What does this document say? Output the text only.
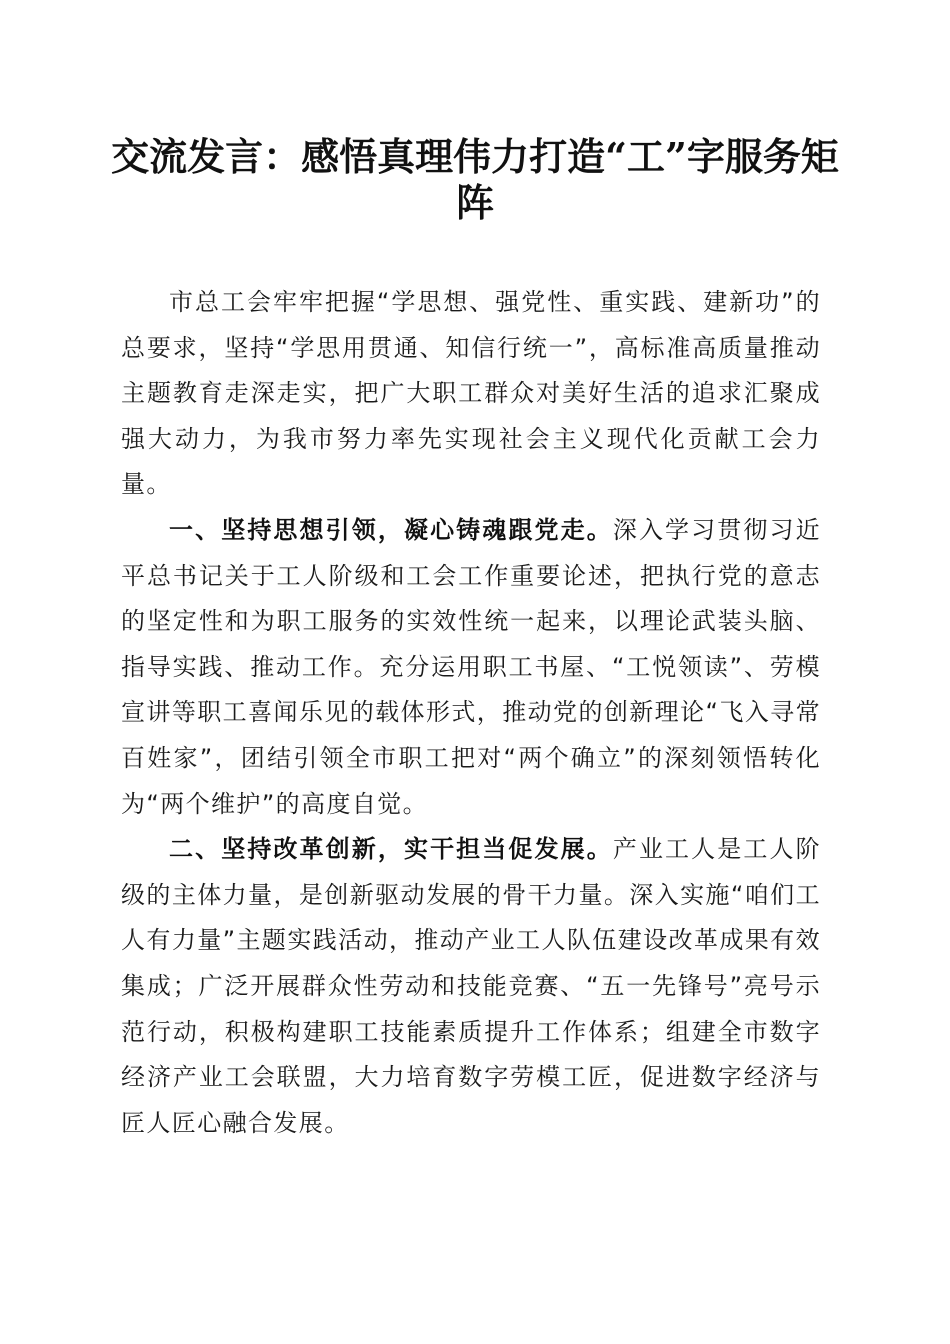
交流发言：感悟真理伟力打造“工”字服务矩阵

市总工会牢牢把握“学思想、强党性、重实践、建新功”的总要求，坚持“学思用贯通、知信行统一”，高标准高质量推动主题教育走深走实，把广大职工群众对美好生活的追求汇聚成强大动力，为我市努力率先实现社会主义现代化贡献工会力量。

一、坚持思想引领，凝心铸魂跟党走。深入学习贯彻习近平总书记关于工人阶级和工会工作重要论述，把执行党的意志的坚定性和为职工服务的实效性统一起来，以理论武装头脑、指导实践、推动工作。充分运用职工书屋、“工悦领读”、劳模宣讲等职工喜闻乐见的载体形式，推动党的创新理论“飞入寻常百姓家”，团结引领全市职工把对“两个确立”的深刻领悟转化为“两个维护”的高度自觉。

二、坚持改革创新，实干担当促发展。产业工人是工人阶级的主体力量，是创新驱动发展的骨干力量。深入实施“咱们工人有力量”主题实践活动，推动产业工人队伍建设改革成果有效集成；广泛开展群众性劳动和技能竞赛、“五一先锋号”亮号示范行动，积极构建职工技能素质提升工作体系；组建全市数字经济产业工会联盟，大力培育数字劳模工匠，促进数字经济与匠人匠心融合发展。
